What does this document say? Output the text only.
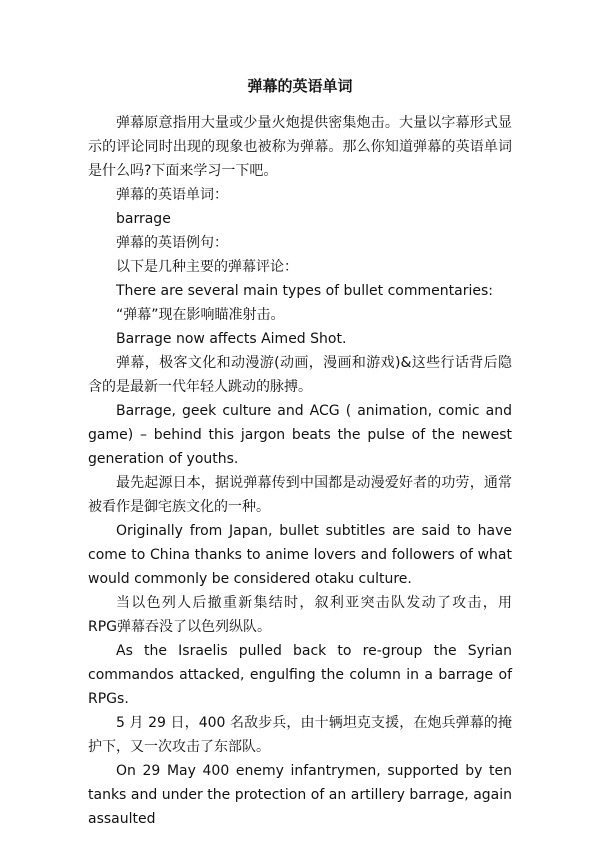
弹幕的英语单词

弹幕原意指用大量或少量火炮提供密集炮击。大量以字幕形式显示的评论同时出现的现象也被称为弹幕。那么你知道弹幕的英语单词是什么吗?下面来学习一下吧。

弹幕的英语单词：

barrage

弹幕的英语例句：

以下是几种主要的弹幕评论：

There are several main types of bullet commentaries:

“弹幕”现在影响瞄准射击。

Barrage now affects Aimed Shot.

弹幕，极客文化和动漫游(动画，漫画和游戏)&这些行话背后隐含的是最新一代年轻人跳动的脉搏。

Barrage, geek culture and ACG ( animation, comic and game) – behind this jargon beats the pulse of the newest generation of youths.

最先起源日本，据说弹幕传到中国都是动漫爱好者的功劳，通常被看作是御宅族文化的一种。

Originally from Japan, bullet subtitles are said to have come to China thanks to anime lovers and followers of what would commonly be considered otaku culture.

当以色列人后撤重新集结时，叙利亚突击队发动了攻击，用 RPG弹幕吞没了以色列纵队。

As the Israelis pulled back to re-group the Syrian commandos attacked, engulfing the column in a barrage of RPGs.

5 月 29 日，400 名敌步兵，由十辆坦克支援，在炮兵弹幕的掩护下，又一次攻击了东部队。

On 29 May 400 enemy infantrymen, supported by ten tanks and under the protection of an artillery barrage, again assaulted
